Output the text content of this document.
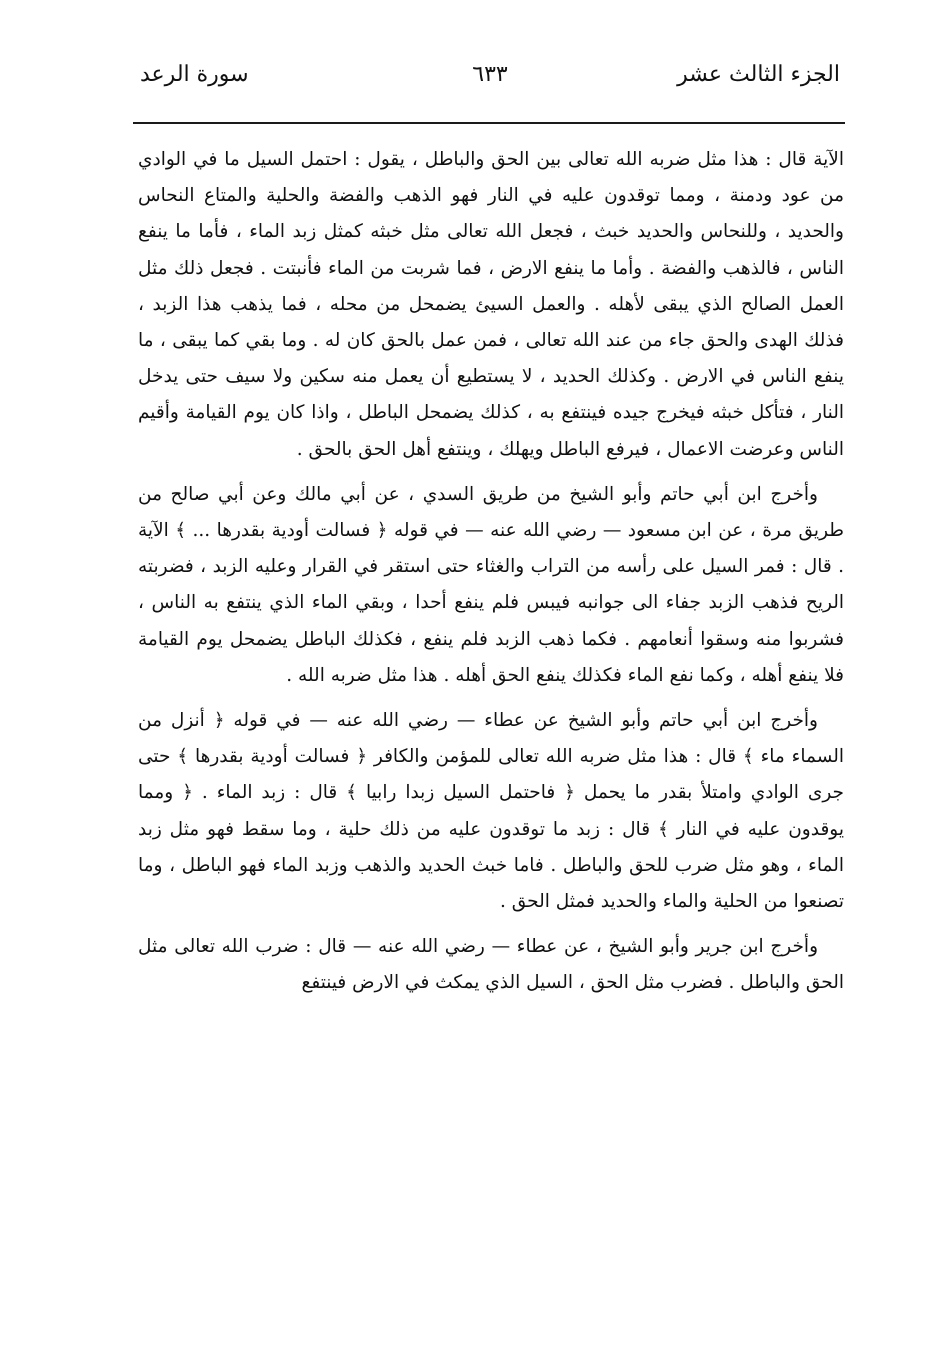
الجزء الثالث عشر
٦٣٣
سورة الرعد

الآية قال : هذا مثل ضربه الله تعالى بين الحق والباطل ، يقول : احتمل السيل ما في الوادي من عود ودمنة ، ومما توقدون عليه في النار فهو الذهب والفضة والحلية والمتاع النحاس والحديد ، وللنحاس والحديد خبث ، فجعل الله تعالى مثل خبثه كمثل زبد الماء ، فأما ما ينفع الناس ، فالذهب والفضة . وأما ما ينفع الارض ، فما شربت من الماء فأنبتت . فجعل ذلك مثل العمل الصالح الذي يبقى لأهله . والعمل السيئ يضمحل من محله ، فما يذهب هذا الزبد ، فذلك الهدى والحق جاء من عند الله تعالى ، فمن عمل بالحق كان له . وما بقي كما يبقى ، ما ينفع الناس في الارض . وكذلك الحديد ، لا يستطيع أن يعمل منه سكين ولا سيف حتى يدخل النار ، فتأكل خبثه فيخرج جيده فينتفع به ، كذلك يضمحل الباطل ، واذا كان يوم القيامة وأقيم الناس وعرضت الاعمال ، فيرفع الباطل ويهلك ، وينتفع أهل الحق بالحق .

وأخرج ابن أبي حاتم وأبو الشيخ من طريق السدي ، عن أبي مالك وعن أبي صالح من طريق مرة ، عن ابن مسعود — رضي الله عنه — في قوله ﴿ فسالت أودية بقدرها ... ﴾ الآية . قال : فمر السيل على رأسه من التراب والغثاء حتى استقر في القرار وعليه الزبد ، فضربته الريح فذهب الزبد جفاء الى جوانبه فيبس فلم ينفع أحدا ، وبقي الماء الذي ينتفع به الناس ، فشربوا منه وسقوا أنعامهم . فكما ذهب الزبد فلم ينفع ، فكذلك الباطل يضمحل يوم القيامة فلا ينفع أهله ، وكما نفع الماء فكذلك ينفع الحق أهله . هذا مثل ضربه الله .

وأخرج ابن أبي حاتم وأبو الشيخ عن عطاء — رضي الله عنه — في قوله ﴿ أنزل من السماء ماء ﴾ قال : هذا مثل ضربه الله تعالى للمؤمن والكافر ﴿ فسالت أودية بقدرها ﴾ حتى جرى الوادي وامتلأ بقدر ما يحمل ﴿ فاحتمل السيل زبدا رابيا ﴾ قال : زبد الماء . ﴿ ومما يوقدون عليه في النار ﴾ قال : زبد ما توقدون عليه من ذلك حلية ، وما سقط فهو مثل زبد الماء ، وهو مثل ضرب للحق والباطل . فاما خبث الحديد والذهب وزبد الماء فهو الباطل ، وما تصنعوا من الحلية والماء والحديد فمثل الحق .

وأخرج ابن جرير وأبو الشيخ ، عن عطاء — رضي الله عنه — قال : ضرب الله تعالى مثل الحق والباطل . فضرب مثل الحق ، السيل الذي يمكث في الارض فينتفع
